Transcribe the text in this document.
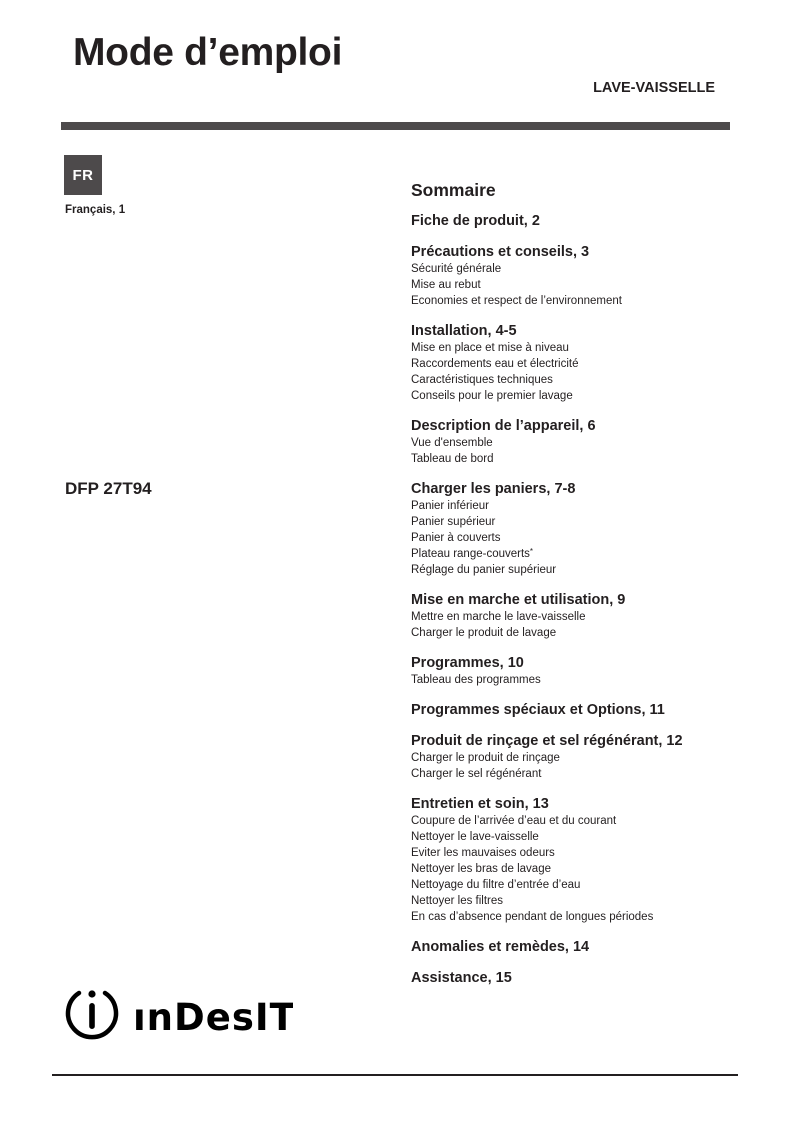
Mode d’emploi
LAVE-VAISSELLE
FR
Français, 1
DFP 27T94
Sommaire
Fiche de produit, 2
Précautions et conseils, 3
Sécurité générale
Mise au rebut
Economies et respect de l’environnement
Installation, 4-5
Mise en place et mise à niveau
Raccordements eau et électricité
Caractéristiques techniques
Conseils pour le premier lavage
Description de l’appareil, 6
Vue d'ensemble
Tableau de bord
Charger les paniers, 7-8
Panier inférieur
Panier supérieur
Panier à couverts
Plateau range-couverts*
Réglage du panier supérieur
Mise en marche et utilisation, 9
Mettre en marche le lave-vaisselle
Charger le produit de lavage
Programmes, 10
Tableau des programmes
Programmes spéciaux et Options, 11
Produit de rinçage et sel régénérant, 12
Charger le produit de rinçage
Charger le sel régénérant
Entretien et soin, 13
Coupure de l’arrivée d’eau et du courant
Nettoyer le lave-vaisselle
Eviter les mauvaises odeurs
Nettoyer les bras de lavage
Nettoyage du filtre d’entrée d’eau
Nettoyer les filtres
En cas d’absence pendant de longues périodes
Anomalies et remèdes, 14
Assistance, 15
ınDesIT
